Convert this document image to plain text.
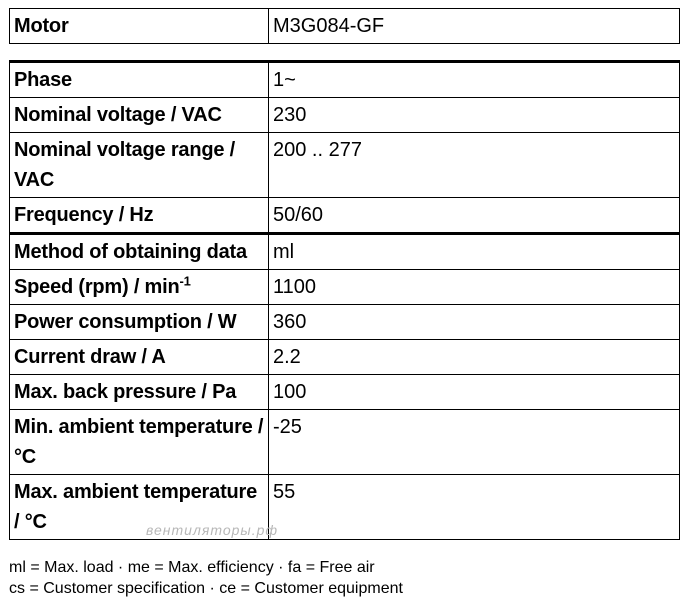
Motor	M3G084-GF
Phase	1~
Nominal voltage / VAC	230
Nominal voltage range / VAC	200 .. 277
Frequency / Hz	50/60
Method of obtaining data	ml
Speed $(rpm) / \min^{-1}$	1100
Power consumption / W	360
Current draw / A	2.2
Max. back pressure / Pa	100
Min. ambient temperature / °C	-25
Max. ambient temperature / °C	55
вентиляторы.рф
ml = Max. load · me = Max. efficiency · fa = Free air
cs = Customer specification · ce = Customer equipment
